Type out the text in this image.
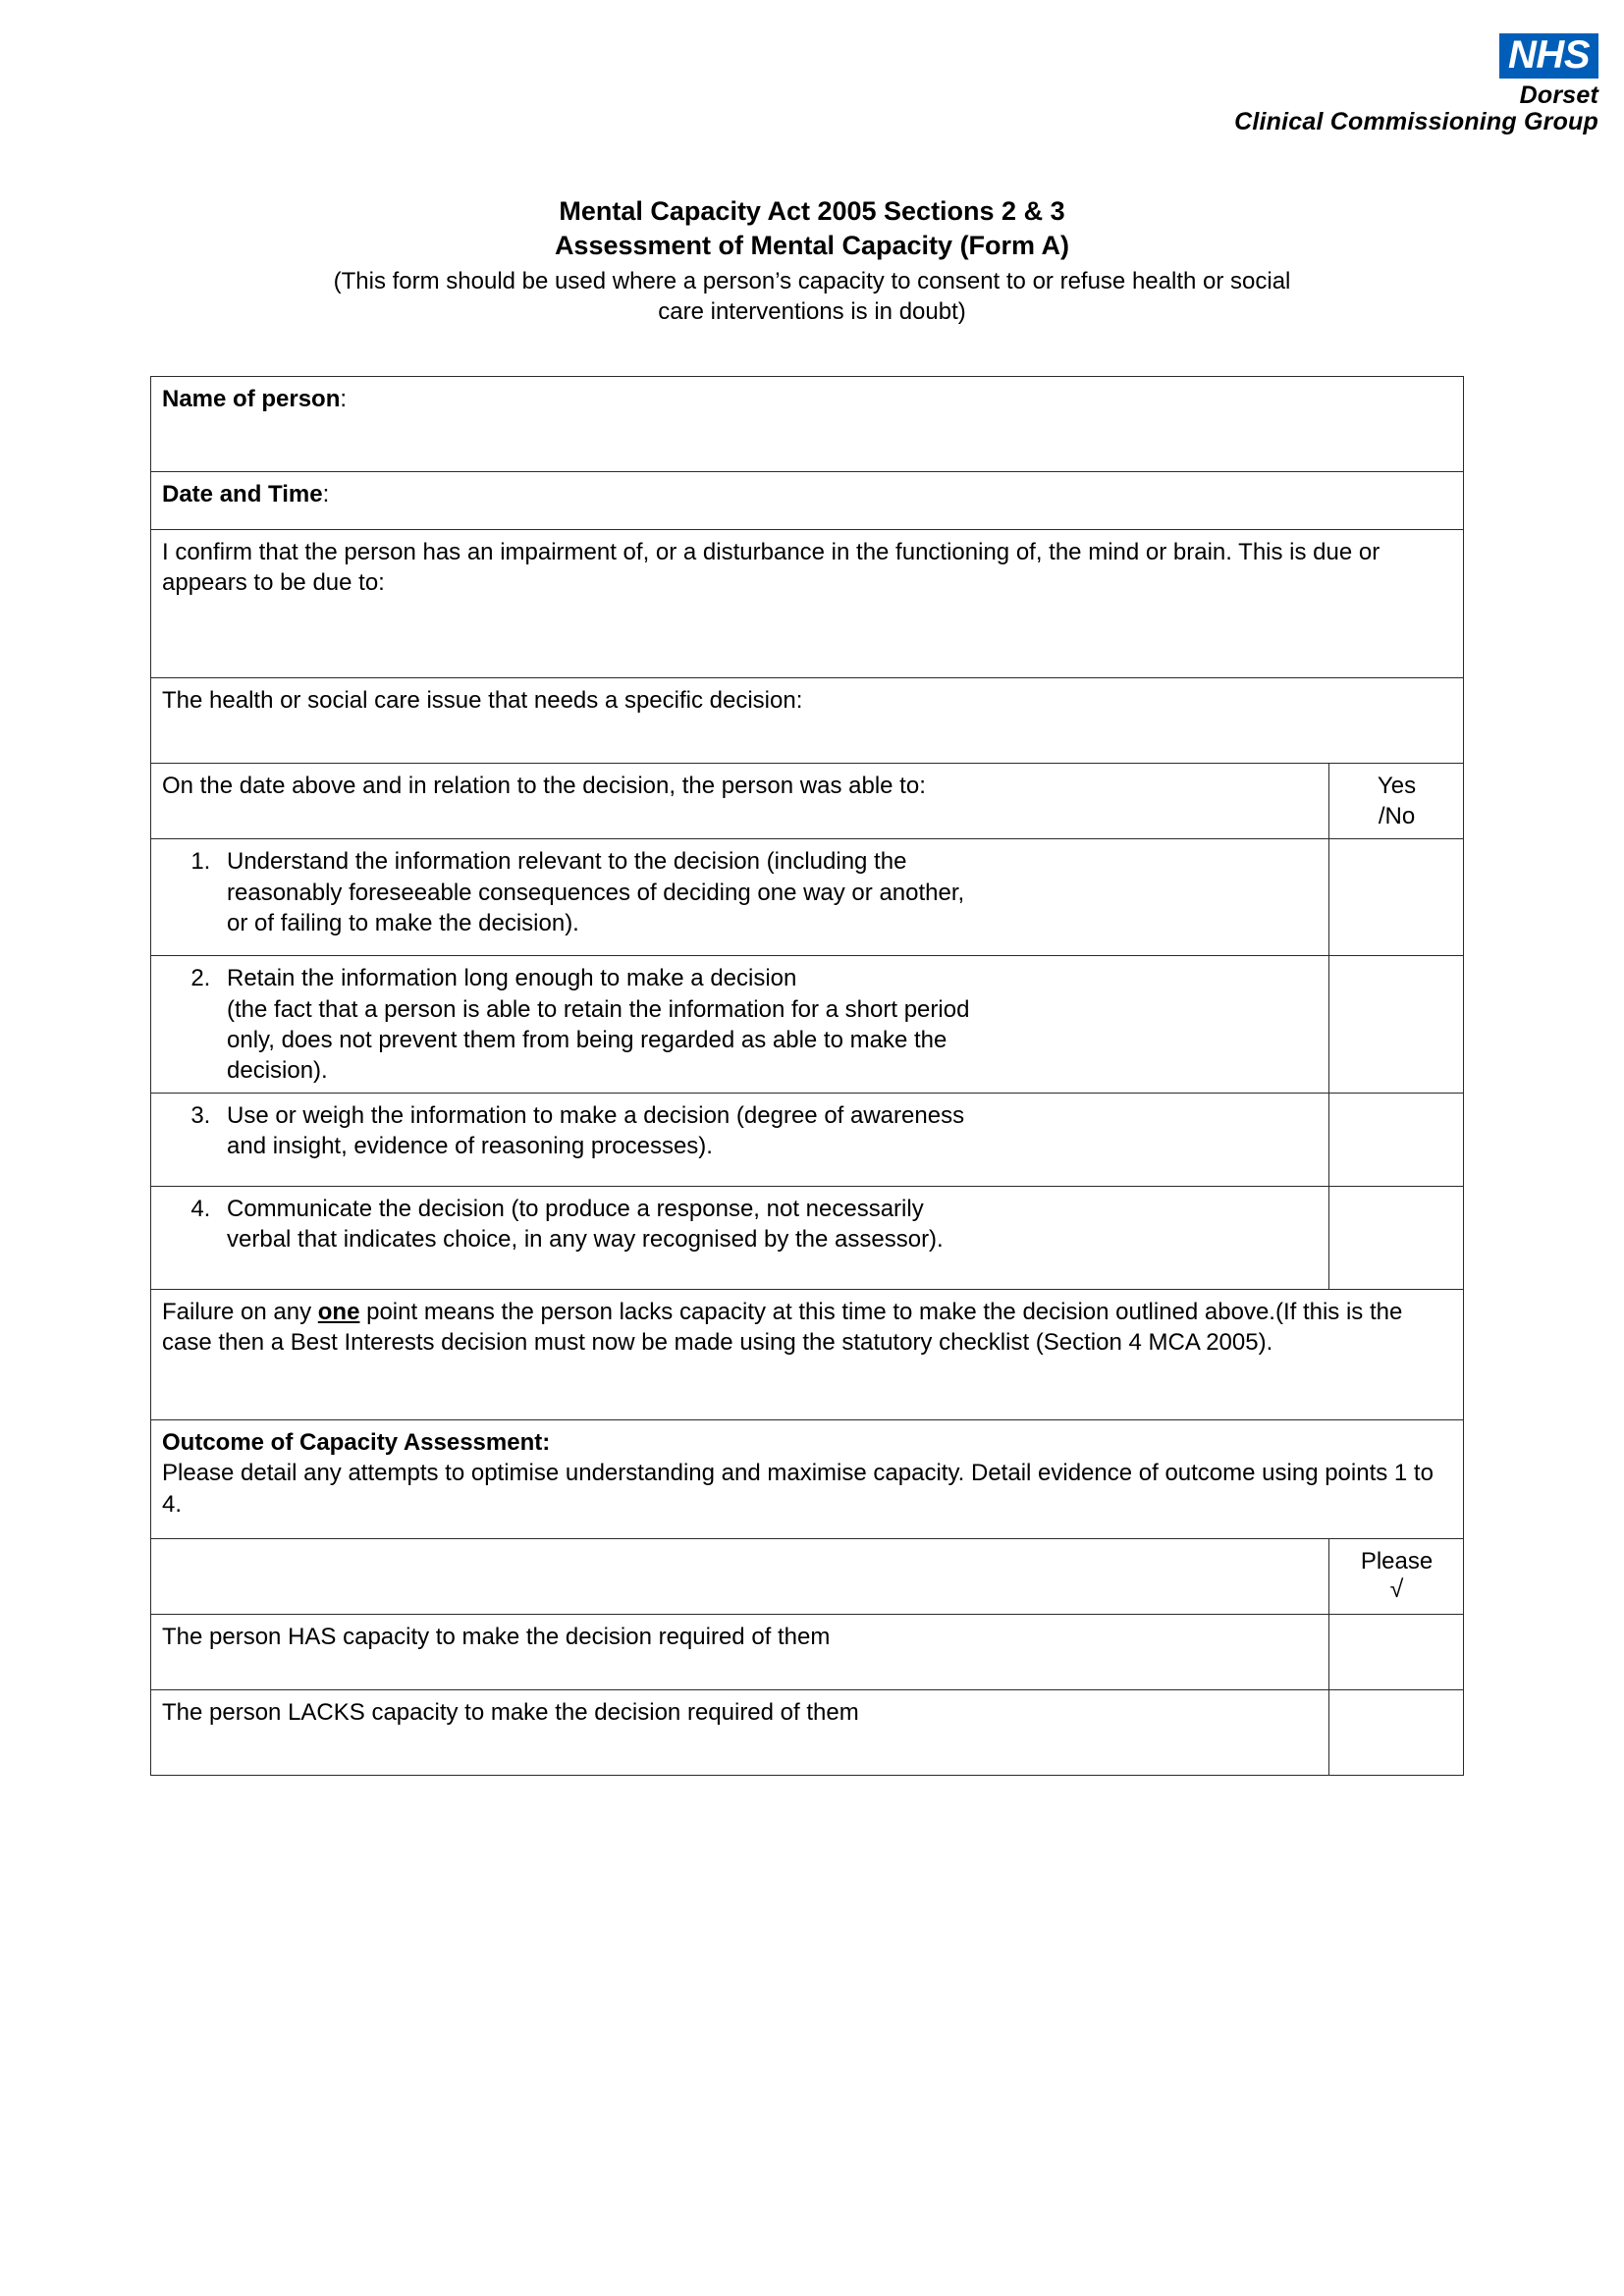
NHS
Dorset
Clinical Commissioning Group
Mental Capacity Act 2005 Sections 2 & 3
Assessment of Mental Capacity (Form A)
(This form should be used where a person’s capacity to consent to or refuse health or social
care interventions is in doubt)
Name of person:	
Date and Time:	
I confirm that the person has an impairment of, or a disturbance in the functioning of, the mind or brain. This is due or appears to be due to:	
The health or social care issue that needs a specific decision:	
On the date above and in relation to the decision, the person was able to:	Yes
/No

1. Understand the information relevant to the decision (including the
reasonably foreseeable consequences of deciding one way or another,
or of failing to make the decision).

2. Retain the information long enough to make a decision
(the fact that a person is able to retain the information for a short period
only, does not prevent them from being regarded as able to make the
decision).

3. Use or weigh the information to make a decision (degree of awareness
and insight, evidence of reasoning processes).

4. Communicate the decision (to produce a response, not necessarily
verbal that indicates choice, in any way recognised by the assessor).

Failure on any one point means the person lacks capacity at this time to make the decision outlined above.(If this is the case then a Best Interests decision must now be made using the statutory checklist (Section 4 MCA 2005).	

Outcome of Capacity Assessment:
Please detail any attempts to optimise understanding and maximise capacity. Detail evidence of outcome using points 1 to 4.	

	Please
√

The person HAS capacity to make the decision required of them	
The person LACKS capacity to make the decision required of them	
